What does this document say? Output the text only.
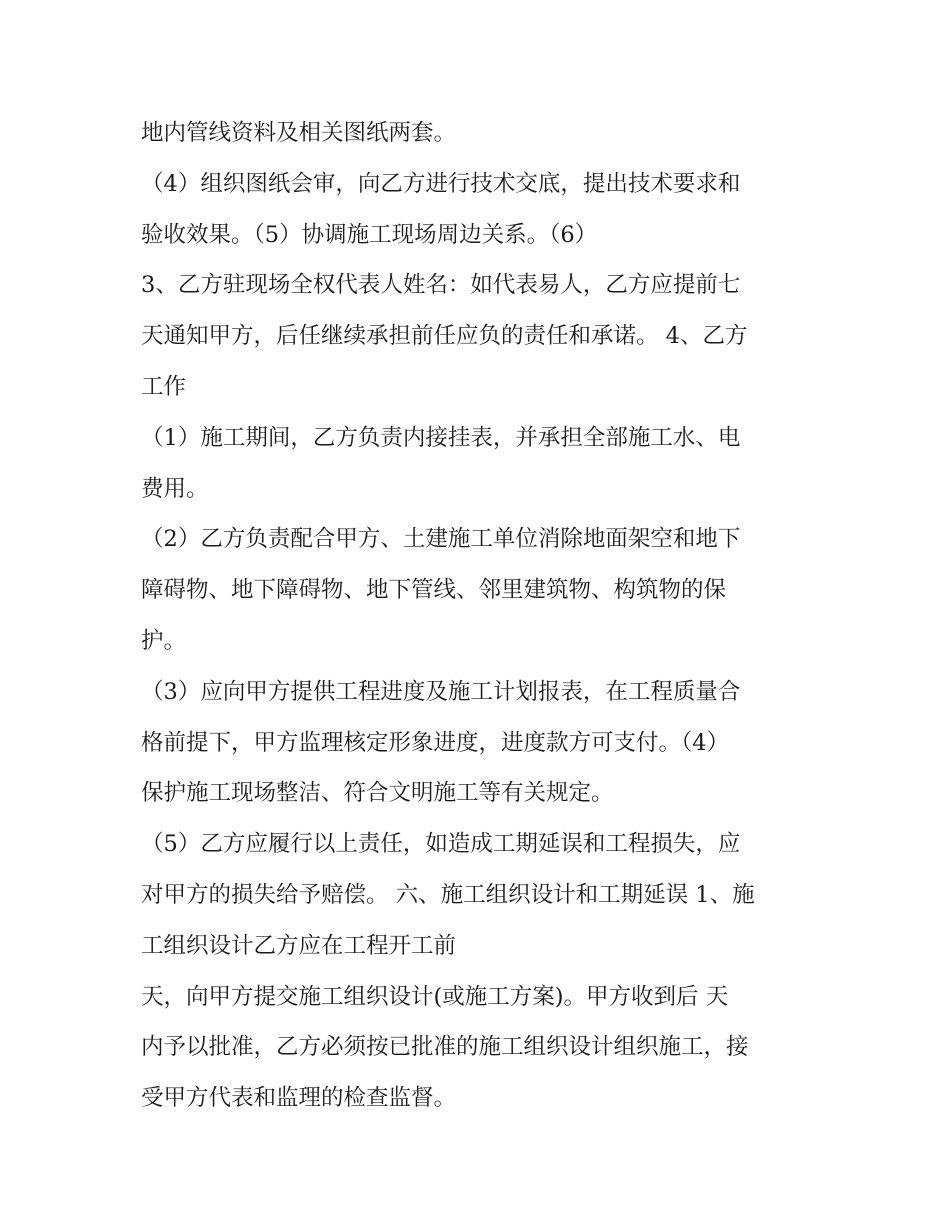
地内管线资料及相关图纸两套。
（4）组织图纸会审，向乙方进行技术交底，提出技术要求和
验收效果。（5）协调施工现场周边关系。（6）
3、乙方驻现场全权代表人姓名：如代表易人，乙方应提前七
天通知甲方，后任继续承担前任应负的责任和承诺。 4、乙方
工作
（1）施工期间，乙方负责内接挂表，并承担全部施工水、电
费用。
（2）乙方负责配合甲方、土建施工单位消除地面架空和地下
障碍物、地下障碍物、地下管线、邻里建筑物、构筑物的保
护。
（3）应向甲方提供工程进度及施工计划报表，在工程质量合
格前提下，甲方监理核定形象进度，进度款方可支付。（4）
保护施工现场整洁、符合文明施工等有关规定。
（5）乙方应履行以上责任，如造成工期延误和工程损失，应
对甲方的损失给予赔偿。 六、施工组织设计和工期延误 1、施
工组织设计乙方应在工程开工前
天，向甲方提交施工组织设计(或施工方案)。甲方收到后 天
内予以批准，乙方必须按已批准的施工组织设计组织施工，接
受甲方代表和监理的检查监督。
